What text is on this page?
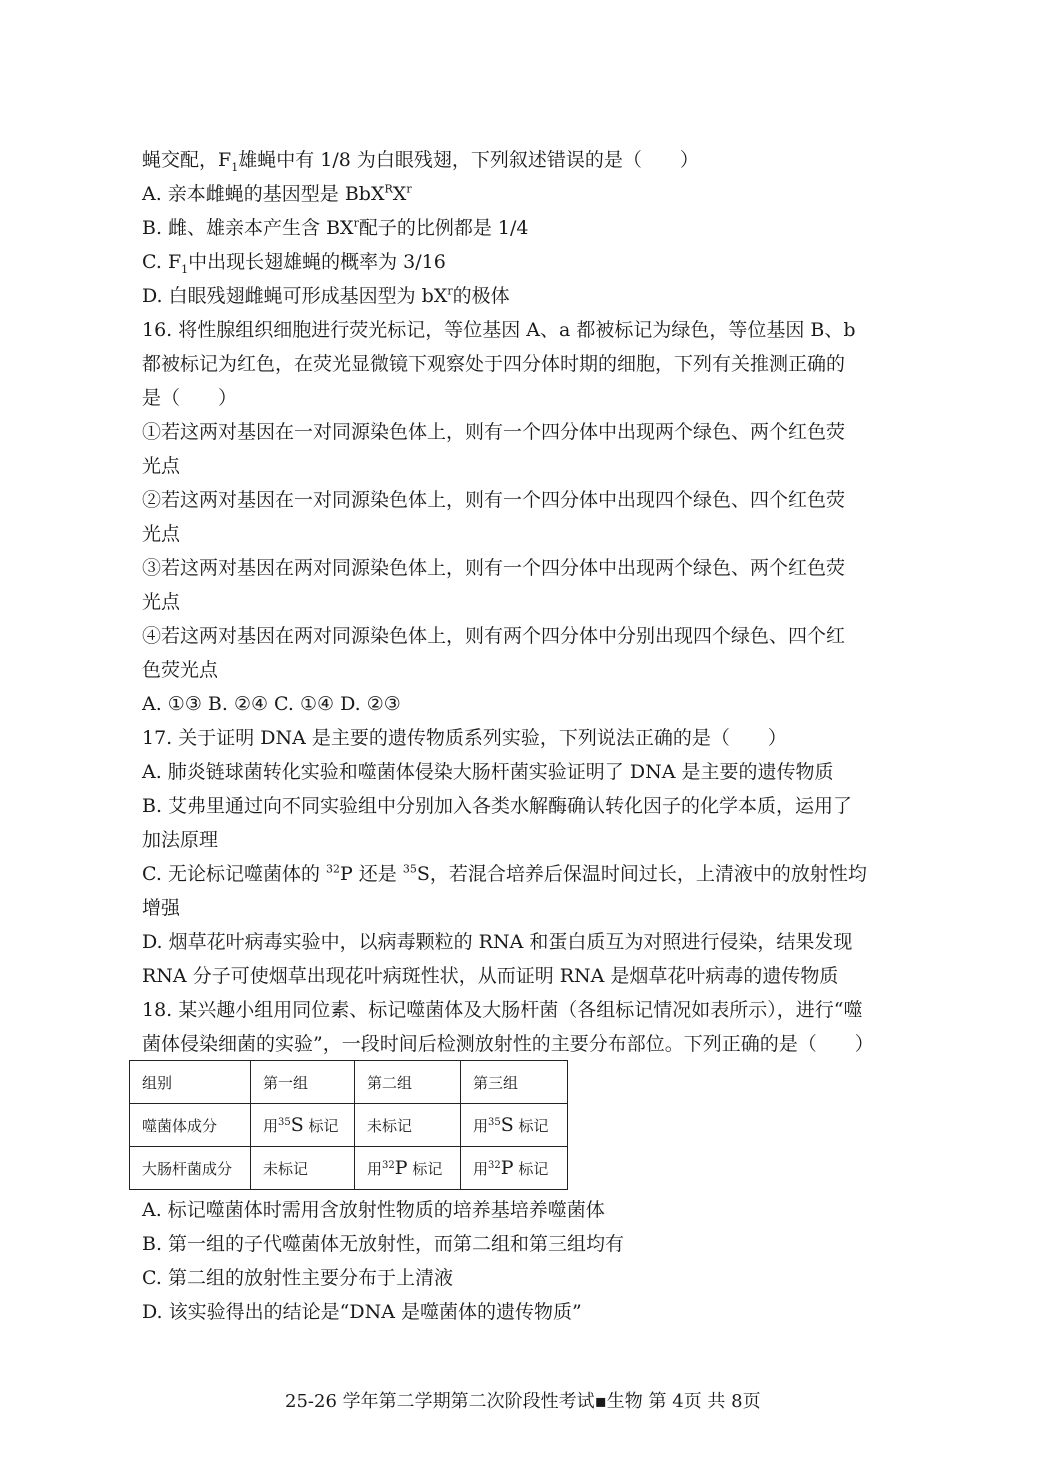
蝇交配，$F_1$雄蝇中有 1/8 为白眼残翅，下列叙述错误的是（　　）
A. 亲本雌蝇的基因型是 $BbX^RX^r$
B. 雌、雄亲本产生含 $BX^r$配子的比例都是 1/4
C. $F_1$中出现长翅雄蝇的概率为 3/16
D. 白眼残翅雌蝇可形成基因型为 $bX^r$的极体
16. 将性腺组织细胞进行荧光标记，等位基因 A、a 都被标记为绿色，等位基因 B、b
都被标记为红色，在荧光显微镜下观察处于四分体时期的细胞，下列有关推测正确的
是（　　）
①若这两对基因在一对同源染色体上，则有一个四分体中出现两个绿色、两个红色荧
光点
②若这两对基因在一对同源染色体上，则有一个四分体中出现四个绿色、四个红色荧
光点
③若这两对基因在两对同源染色体上，则有一个四分体中出现两个绿色、两个红色荧
光点
④若这两对基因在两对同源染色体上，则有两个四分体中分别出现四个绿色、四个红
色荧光点
A. ①③ B. ②④ C. ①④ D. ②③
17. 关于证明 DNA 是主要的遗传物质系列实验，下列说法正确的是（　　）
A. 肺炎链球菌转化实验和噬菌体侵染大肠杆菌实验证明了 DNA 是主要的遗传物质
B. 艾弗里通过向不同实验组中分别加入各类水解酶确认转化因子的化学本质，运用了
加法原理
C. 无论标记噬菌体的 $^{32}$P 还是 $^{35}$S，若混合培养后保温时间过长，上清液中的放射性均
增强
D. 烟草花叶病毒实验中，以病毒颗粒的 RNA 和蛋白质互为对照进行侵染，结果发现
RNA 分子可使烟草出现花叶病斑性状，从而证明 RNA 是烟草花叶病毒的遗传物质
18. 某兴趣小组用同位素、标记噬菌体及大肠杆菌（各组标记情况如表所示），进行“噬
菌体侵染细菌的实验”，一段时间后检测放射性的主要分布部位。下列正确的是（　　）
组别	第一组	第二组	第三组
噬菌体成分	用$^{35}$S 标记	未标记	用$^{35}$S 标记
大肠杆菌成分	未标记	用$^{32}$P 标记	用$^{32}$P 标记
A. 标记噬菌体时需用含放射性物质的培养基培养噬菌体
B. 第一组的子代噬菌体无放射性，而第二组和第三组均有
C. 第二组的放射性主要分布于上清液
D. 该实验得出的结论是“DNA 是噬菌体的遗传物质”
25-26 学年第二学期第二次阶段性考试▪生物 第 4页 共 8页
